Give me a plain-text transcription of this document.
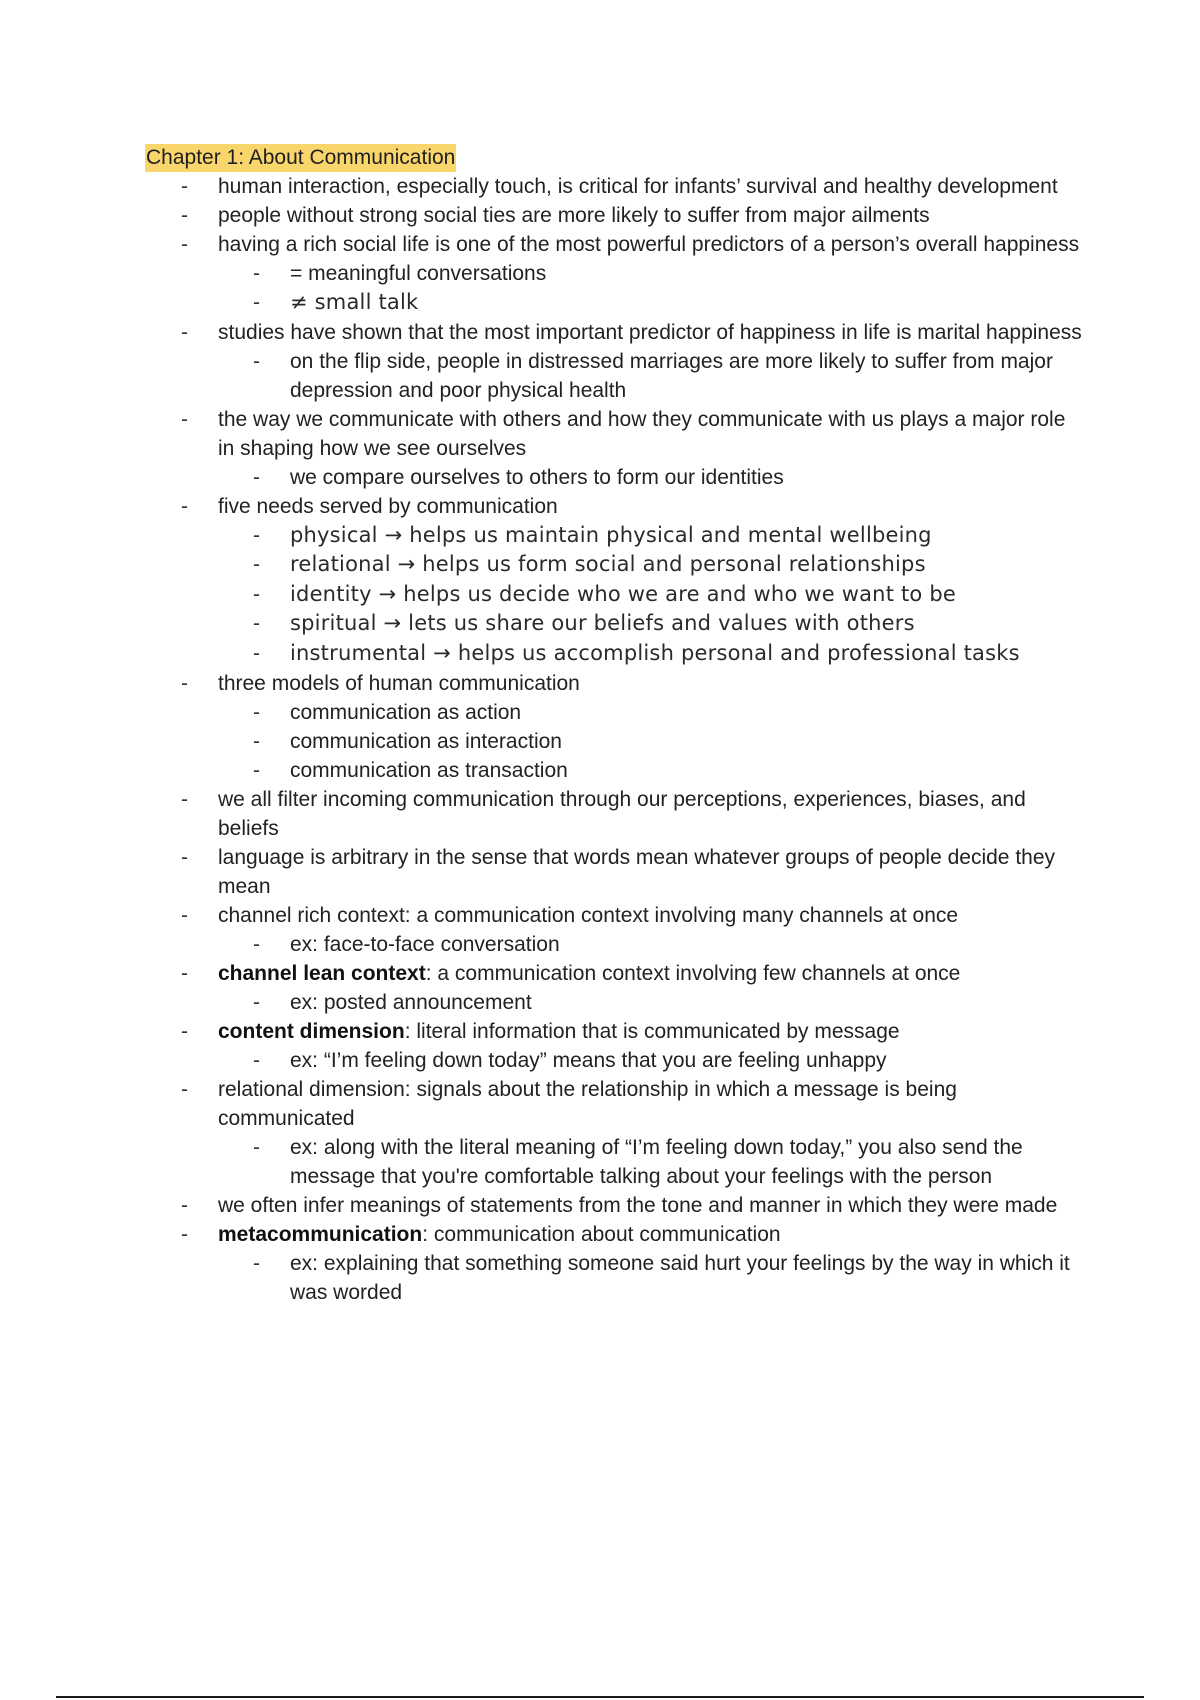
Chapter 1: About Communication
- human interaction, especially touch, is critical for infants’ survival and healthy development
- people without strong social ties are more likely to suffer from major ailments
- having a rich social life is one of the most powerful predictors of a person’s overall happiness
- = meaningful conversations
- ≠ small talk
- studies have shown that the most important predictor of happiness in life is marital happiness
- on the flip side, people in distressed marriages are more likely to suffer from major depression and poor physical health
- the way we communicate with others and how they communicate with us plays a major role in shaping how we see ourselves
- we compare ourselves to others to form our identities
- five needs served by communication
- physical → helps us maintain physical and mental wellbeing
- relational → helps us form social and personal relationships
- identity → helps us decide who we are and who we want to be
- spiritual → lets us share our beliefs and values with others
- instrumental → helps us accomplish personal and professional tasks
- three models of human communication
- communication as action
- communication as interaction
- communication as transaction
- we all filter incoming communication through our perceptions, experiences, biases, and beliefs
- language is arbitrary in the sense that words mean whatever groups of people decide they mean
- channel rich context: a communication context involving many channels at once
- ex: face-to-face conversation
- channel lean context: a communication context involving few channels at once
- ex: posted announcement
- content dimension: literal information that is communicated by message
- ex: “I’m feeling down today” means that you are feeling unhappy
- relational dimension: signals about the relationship in which a message is being communicated
- ex: along with the literal meaning of “I’m feeling down today,” you also send the message that you're comfortable talking about your feelings with the person
- we often infer meanings of statements from the tone and manner in which they were made
- metacommunication: communication about communication
- ex: explaining that something someone said hurt your feelings by the way in which it was worded
